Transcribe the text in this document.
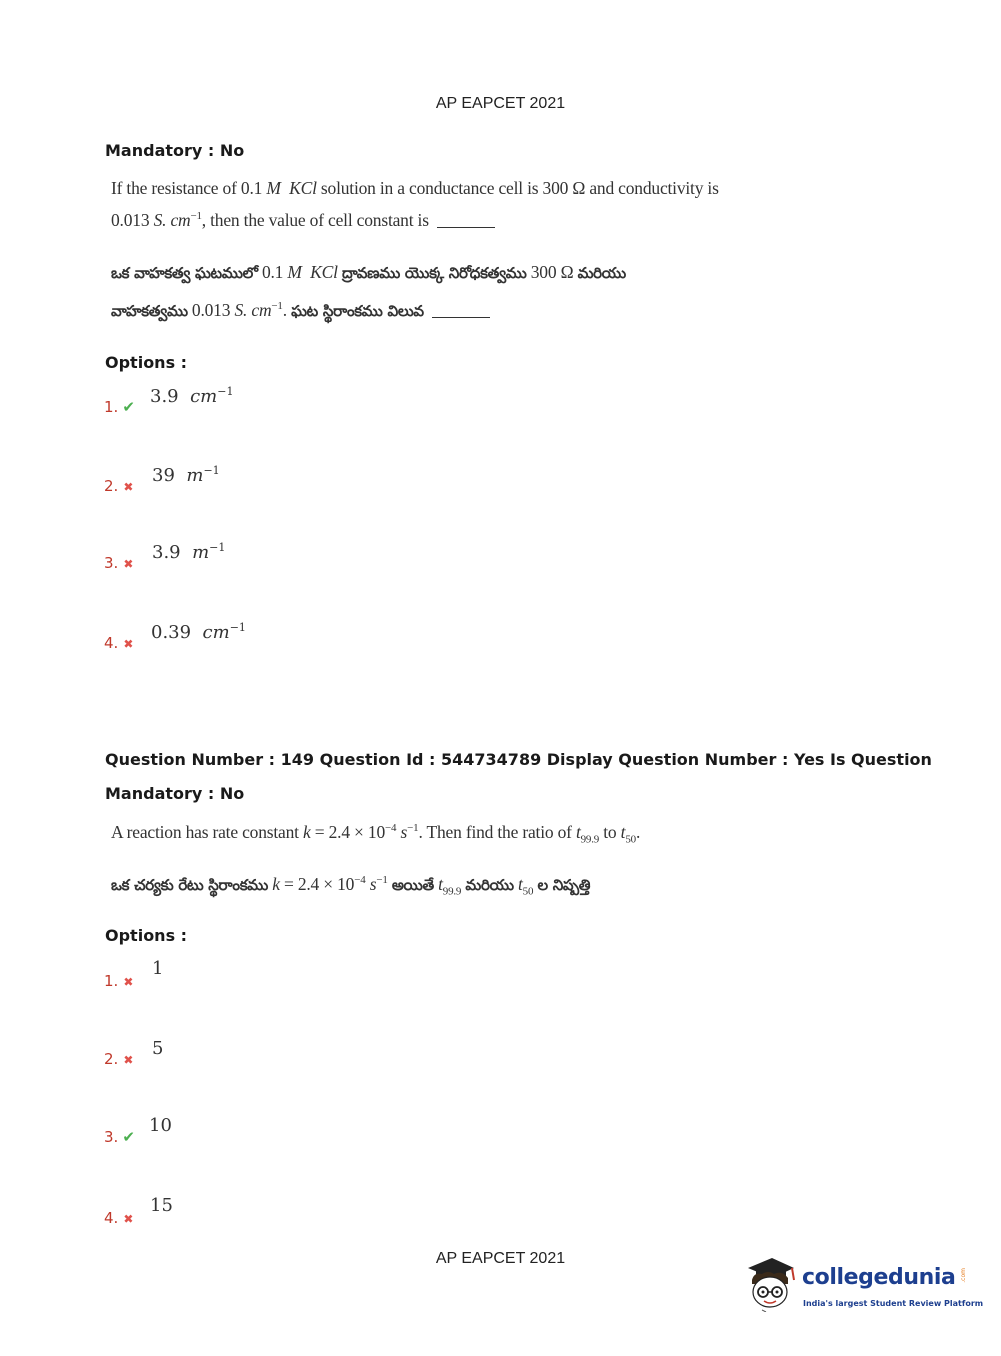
AP EAPCET 2021
Mandatory : No
If the resistance of 0.1 M KCl solution in a conductance cell is 300 Ω and conductivity is
0.013 S. $cm^{-1}$, then the value of cell constant is
ఒక వాహకత్వ ఘటములో 0.1 M KCl ద్రావణము యొక్క నిరోధకత్వము 300 Ω మరియు
వాహకత్వము 0.013 S. $cm^{-1}$. ఘట స్థిరాంకము విలువ
Options :
1. ✔ 3.9 $cm^{-1}$
2. ✖
39 $m^{-1}$
3. ✖
3.9 $m^{-1}$
4. ✖
0.39 $cm^{-1}$
Question Number : 149 Question Id : 544734789 Display Question Number : Yes Is Question
Mandatory : No
A reaction has rate constant $k = 2.4 \times 10^{-4}$ $s^{-1}$. Then find the ratio of $t_{99.9}$ to $t_{50}$.
ఒక చర్యకు రేటు స్థిరాంకము $k = 2.4 \times 10^{-4}$ $s^{-1}$ అయితే $t_{99.9}$ మరియు $t_{50}$ ల నిష్పత్తి
Options :
1. ✖
1
2. ✖
5
3. ✔
10
4. ✖
15
AP EAPCET 2021
collegedunia .com
India's largest Student Review Platform
